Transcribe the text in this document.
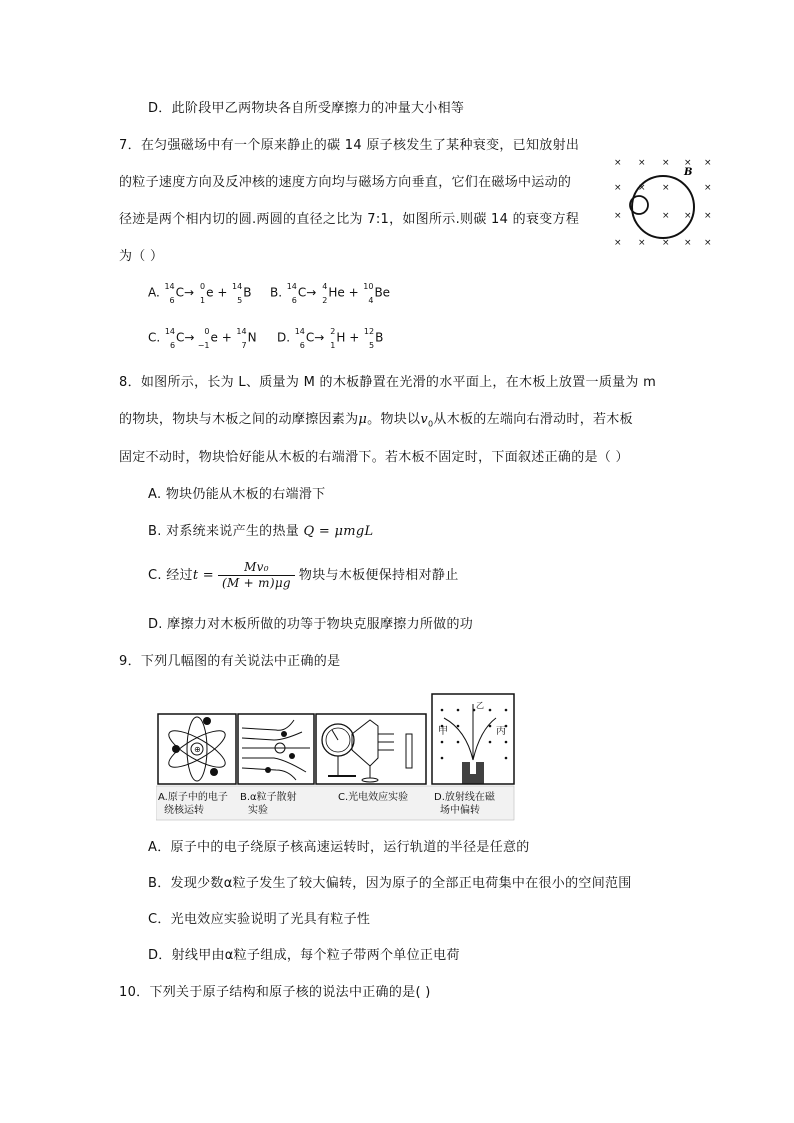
D．此阶段甲乙两物块各自所受摩擦力的冲量大小相等
7．在匀强磁场中有一个原来静止的碳 14 原子核发生了某种衰变，已知放射出
的粒子速度方向及反冲核的速度方向均与磁场方向垂直，它们在磁场中运动的
径迹是两个相内切的圆.两圆的直径之比为 7:1，如图所示.则碳 14 的衰变方程
为（ ）
× × × × ×
× × ×	×
×	× × ×
× × × × ×
B
A. 14
6
C→ 0
1
e + 14
5
B B. 14
6
C→ 4
2
He + 10
4
Be
C. 14
6
C→ 0
−1
e + 14
7
N D. 14
6
C→ 2
1
H + 12
5
B
8．如图所示，长为 L、质量为 M 的木板静置在光滑的水平面上，在木板上放置一质量为 m
的物块，物块与木板之间的动摩擦因素为μ。物块以$v_0$从木板的左端向右滑动时，若木板
固定不动时，物块恰好能从木板的右端滑下。若木板不固定时，下面叙述正确的是（ ）
A. 物块仍能从木板的右端滑下
B. 对系统来说产生的热量 Q = μmgL
C. 经过$t = \frac{\text{Mv₀}}{(M + m)\mu g}$ 物块与木板便保持相对静止
D. 摩擦力对木板所做的功等于物块克服摩擦力所做的功
9．下列几幅图的有关说法中正确的是
⊕
甲
乙
丙
A.原子中的电子
绕核运转
B.α粒子散射
实验
C.光电效应实验	D.放射线在磁
场中偏转
A．原子中的电子绕原子核高速运转时，运行轨道的半径是任意的
B．发现少数α粒子发生了较大偏转，因为原子的全部正电荷集中在很小的空间范围
C．光电效应实验说明了光具有粒子性
D．射线甲由α粒子组成，每个粒子带两个单位正电荷
10．下列关于原子结构和原子核的说法中正确的是( )
